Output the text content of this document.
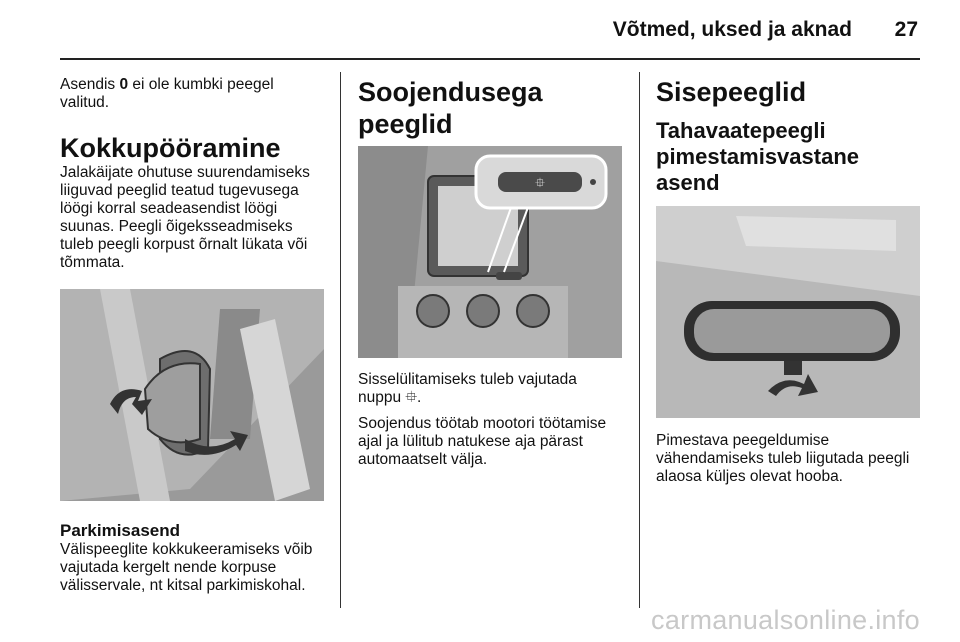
Võtmed, uksed ja aknad 27

Asendis 0 ei ole kumbki peegel valitud.

Kokkupööramine

Jalakäijate ohutuse suurendamiseks liiguvad peeglid teatud tugevusega löögi korral seadeasendist löögi suunas. Peegli õigeksseadmiseks tuleb peegli korpust õrnalt lükata või tõmmata.

Parkimisasend

Välispeeglite kokkukeeramiseks võib vajutada kergelt nende korpuse välisservale, nt kitsal parkimiskohal.

Soojendusega peeglid
⯐

Sisselülitamiseks tuleb vajutada nuppu ⯐.

Soojendus töötab mootori töötamise ajal ja lülitub natukese aja pärast automaatselt välja.

Sisepeeglid
Tahavaatepeegli pimestamisvastane asend

Pimestava peegeldumise vähendamiseks tuleb liigutada peegli alaosa küljes olevat hooba.

carmanualsonline.info
